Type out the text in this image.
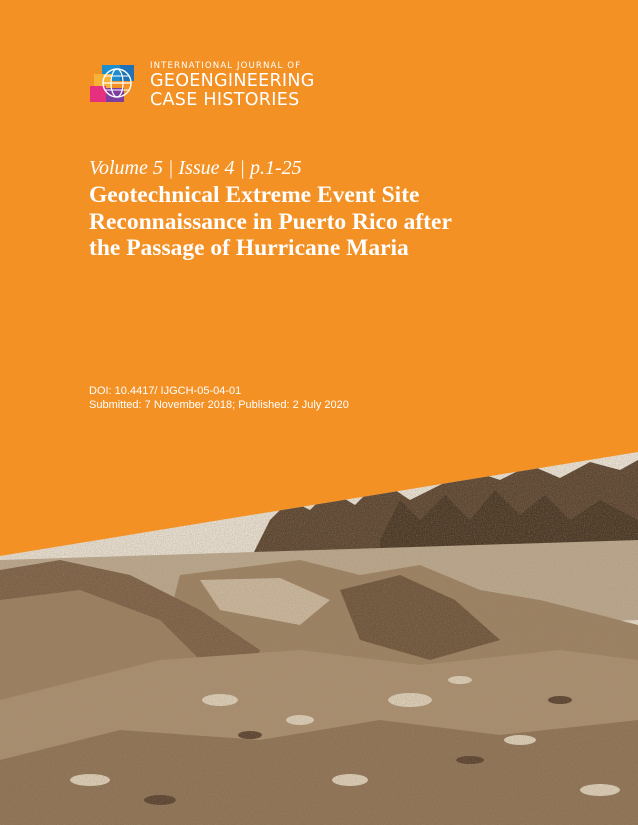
INTERNATIONAL JOURNAL OF
GEOENGINEERING
CASE HISTORIES
Volume 5 | Issue 4 | p.1-25
Geotechnical Extreme Event Site
Reconnaissance in Puerto Rico after
the Passage of Hurricane Maria
DOI: 10.4417/ IJGCH-05-04-01
Submitted: 7 November 2018; Published: 2 July 2020
